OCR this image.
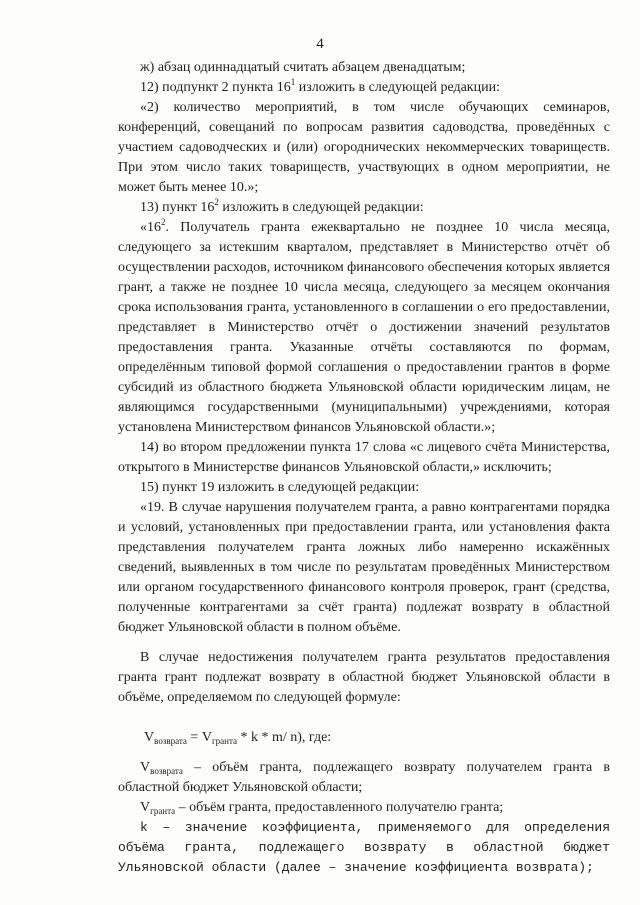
4

ж) абзац одиннадцатый считать абзацем двенадцатым;

12) подпункт 2 пункта $16^1$ изложить в следующей редакции:

«2) количество мероприятий, в том числе обучающих семинаров, конференций, совещаний по вопросам развития садоводства, проведённых с участием садоводческих и (или) огороднических некоммерческих товариществ. При этом число таких товариществ, участвующих в одном мероприятии, не может быть менее 10.»;

13) пункт $16^2$ изложить в следующей редакции:

«$16^2$. Получатель гранта ежеквартально не позднее 10 числа месяца, следующего за истекшим кварталом, представляет в Министерство отчёт об осуществлении расходов, источником финансового обеспечения которых является грант, а также не позднее 10 числа месяца, следующего за месяцем окончания срока использования гранта, установленного в соглашении о его предоставлении, представляет в Министерство отчёт о достижении значений результатов предоставления гранта. Указанные отчёты составляются по формам, определённым типовой формой соглашения о предоставлении грантов в форме субсидий из областного бюджета Ульяновской области юридическим лицам, не являющимся государственными (муниципальными) учреждениями, которая установлена Министерством финансов Ульяновской области.»;

14) во втором предложении пункта 17 слова «с лицевого счёта Министерства, открытого в Министерстве финансов Ульяновской области,» исключить;

15) пункт 19 изложить в следующей редакции:

«19. В случае нарушения получателем гранта, а равно контрагентами порядка и условий, установленных при предоставлении гранта, или установления факта представления получателем гранта ложных либо намеренно искажённых сведений, выявленных в том числе по результатам проведённых Министерством или органом государственного финансового контроля проверок, грант (средства, полученные контрагентами за счёт гранта) подлежат возврату в областной бюджет Ульяновской области в полном объёме.

В случае недостижения получателем гранта результатов предоставления гранта грант подлежат возврату в областной бюджет Ульяновской области в объёме, определяемом по следующей формуле:

$V_{возврата} = V_{гранта} * k * m/$ n), где:

$V_{возврата}$ – объём гранта, подлежащего возврату получателем гранта в областной бюджет Ульяновской области;

$V_{гранта}$ – объём гранта, предоставленного получателю гранта;

k – значение коэффициента, применяемого для определения объёма гранта, подлежащего возврату в областной бюджет Ульяновской области (далее – значение коэффициента возврата);
